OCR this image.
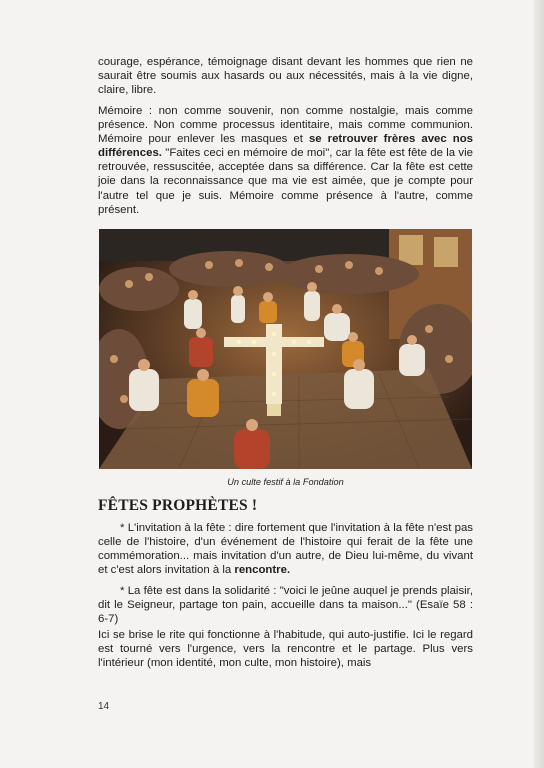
courage, espérance, témoignage disant devant les hommes que rien ne saurait être soumis aux hasards ou aux nécessités, mais à la vie digne, claire, libre.

Mémoire : non comme souvenir, non comme nostalgie, mais comme présence. Non comme processus identitaire, mais comme communion. Mémoire pour enlever les masques et se retrouver frères avec nos différences. "Faites ceci en mémoire de moi", car la fête est fête de la vie retrouvée, ressuscitée, acceptée dans sa différence. Car la fête est cette joie dans la reconnaissance que ma vie est aimée, que je compte pour l'autre tel que je suis. Mémoire comme présence à l'autre, comme présent.

Un culte festif à la Fondation
FÊTES PROPHÈTES !

* L'invitation à la fête : dire fortement que l'invitation à la fête n'est pas celle de l'histoire, d'un événement de l'histoire qui ferait de la fête une commémoration... mais invitation d'un autre, de Dieu lui-même, du vivant et c'est alors invitation à la rencontre.

* La fête est dans la solidarité : "voici le jeûne auquel je prends plaisir, dit le Seigneur, partage ton pain, accueille dans ta maison..." (Esaïe 58 : 6-7)

Ici se brise le rite qui fonctionne à l'habitude, qui auto-justifie. Ici le regard est tourné vers l'urgence, vers la rencontre et le partage. Plus vers l'intérieur (mon identité, mon culte, mon histoire), mais

14
